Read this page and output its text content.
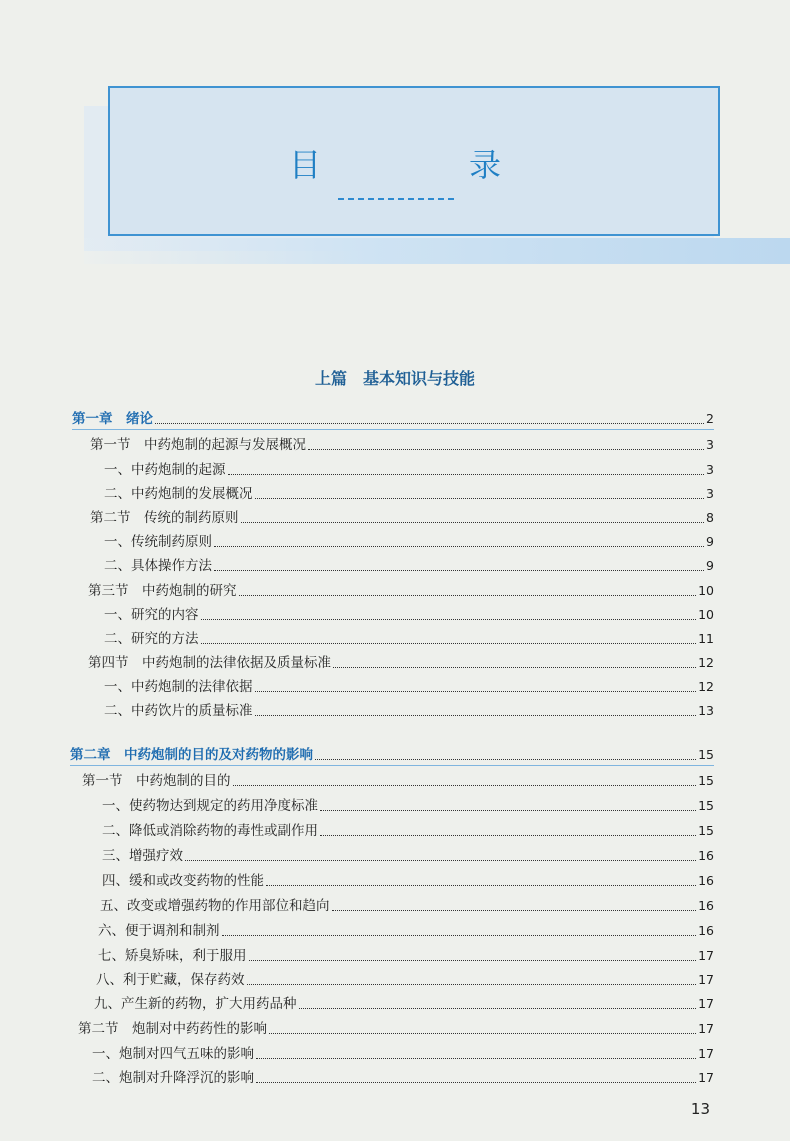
目　录
上篇　基本知识与技能
第一章　绪论	2
第一节　中药炮制的起源与发展概况	3
一、中药炮制的起源	3
二、中药炮制的发展概况	3
第二节　传统的制药原则	8
一、传统制药原则	9
二、具体操作方法	9
第三节　中药炮制的研究	10
一、研究的内容	10
二、研究的方法	11
第四节　中药炮制的法律依据及质量标准	12
一、中药炮制的法律依据	12
二、中药饮片的质量标准	13
第二章　中药炮制的目的及对药物的影响	15
第一节　中药炮制的目的	15
一、使药物达到规定的药用净度标准	15
二、降低或消除药物的毒性或副作用	15
三、增强疗效	16
四、缓和或改变药物的性能	16
五、改变或增强药物的作用部位和趋向	16
六、便于调剂和制剂	16
七、矫臭矫味，利于服用	17
八、利于贮藏，保存药效	17
九、产生新的药物，扩大用药品种	17
第二节　炮制对中药药性的影响	17
一、炮制对四气五味的影响	17
二、炮制对升降浮沉的影响	17
13
